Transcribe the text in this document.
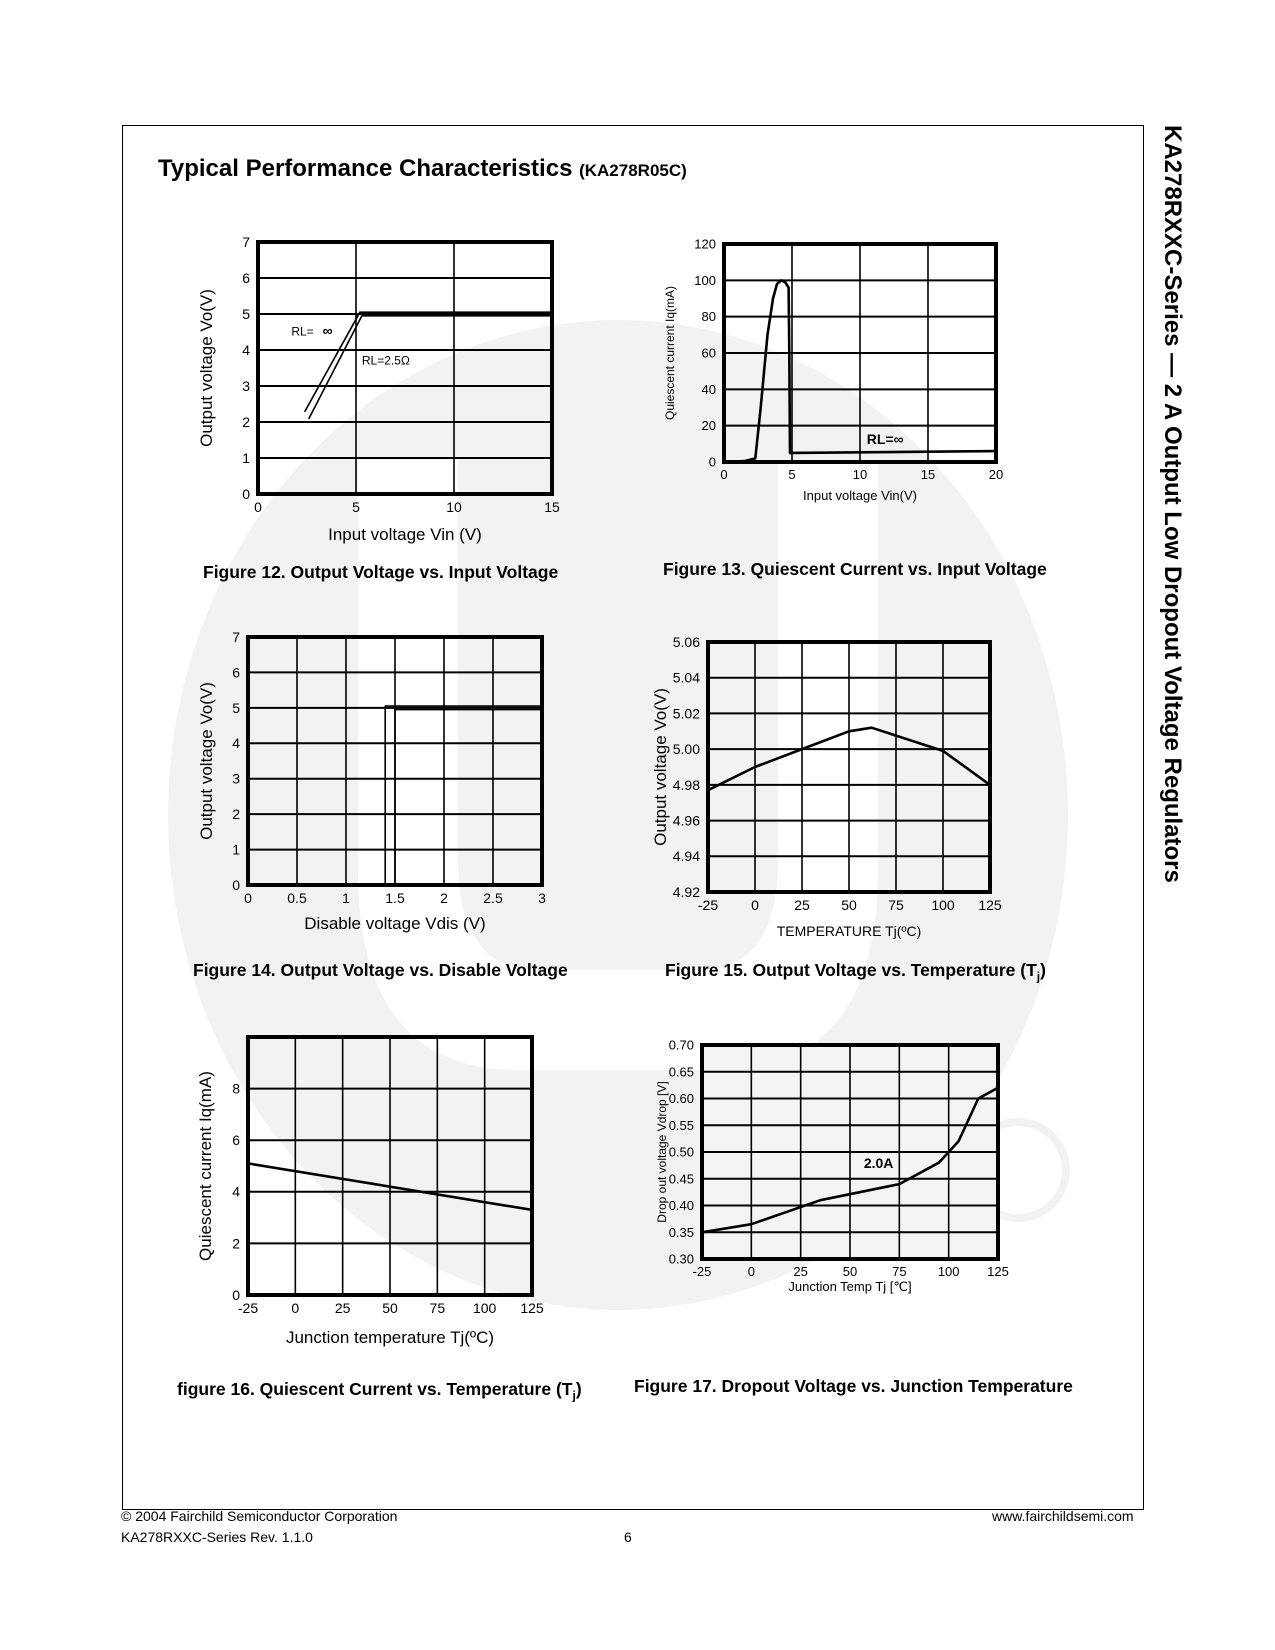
Typical Performance Characteristics (KA278R05C)	KA278RXXC-Series — 2 A Output Low Dropout Voltage Regulators
0	5	10	15
0
1
2
3
4
5
6
7
Input voltage Vin (V)
Output voltage Vo(V)	RL= ∞
RL=2.5Ω
0	5	10	15	20
0
20
40
60
80
100
120
Input voltage Vin(V)
Quiescent current Iq(mA)
RL=∞
0	0.5	1	1.5	2	2.5	3
0
1
2
3
4
5
6
7
Disable voltage Vdis (V)
Output voltage Vo(V)
-25 0	25 50 75 100 125
4.92
4.94
4.96
4.98
5.00
5.02
5.04
5.06
TEMPERATURE Tj(ºC)
Output voltage Vo(V)
-25 0	25 50 75 100 125
0
2
4
6
8
Junction temperature Tj(ºC)
Quiescent current Iq(mA)
-25	0	25	50	75 100 125
0.30
0.35
0.40
0.45
0.50
0.55
0.60
0.65
0.70
Junction Temp Tj [℃]
Drop out voltage Vdrop [V]	2.0A
Figure 12. Output Voltage vs. Input Voltage	Figure 13. Quiescent Current vs. Input Voltage
Figure 14. Output Voltage vs. Disable Voltage	Figure 15. Output Voltage vs. Temperature $(T_j)$
figure 16. Quiescent Current vs. Temperature $(T_j)$	Figure 17. Dropout Voltage vs. Junction Temperature
© 2004 Fairchild Semiconductor Corporation
KA278RXXC-Series Rev. 1.1.0	6
www.fairchildsemi.com
